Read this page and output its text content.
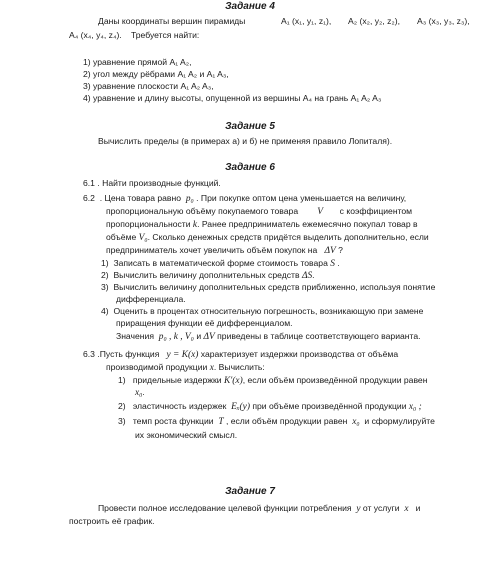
Задание 4
Даны координаты вершин пирамиды	A₁ (x₁, y₁, z₁), A₂ (x₂, y₂, z₂), A₃ (x₃, y₃, z₃),
A₄ (x₄, y₄, z₄). Требуется найти:
1) уравнение прямой A₁ A₂,
2) угол между рёбрами A₁ A₂ и A₁ A₃,
3) уравнение плоскости A₁ A₂ A₃,
4) уравнение и длину высоты, опущенной из вершины A₄ на грань A₁ A₂ A₃
Задание 5
Вычислить пределы (в примерах а) и б) не применяя правило Лопиталя).
Задание 6
6.1 . Найти производные функций.
6.2 . Цена товара равно p₀ . При покупке оптом цена уменьшается на величину,
пропорциональную объёму покупаемого товара V с коэффициентом
пропорциональности k. Ранее предприниматель ежемесячно покупал товар в
объёме V₀. Сколько денежных средств придётся выделить дополнительно, если
предприниматель хочет увеличить объём покупок на ΔV ?
1) Записать в математической форме стоимость товара S .
2) Вычислить величину дополнительных средств ΔS.
3) Вычислить величину дополнительных средств приближенно, используя понятие
дифференциала.
4) Оценить в процентах относительную погрешность, возникающую при замене
приращения функции её дифференциалом.
Значения p₀ , k , V₀ и ΔV приведены в таблице соответствующего варианта.
6.3 .Пусть функция y = K(x) характеризует издержки производства от объёма
производимой продукции x. Вычислить:
1) придельные издержки K′(x), если объём произведённой продукции равен
x₀.
2) эластичность издержек Eₓ(y) при объёме произведённой продукции x₀ ;
3) темп роста функции T , если объём продукции равен x₀ и сформулируйте
их экономический смысл.
Задание 7
Провести полное исследование целевой функции потребления y от услуги x и
построить её график.
